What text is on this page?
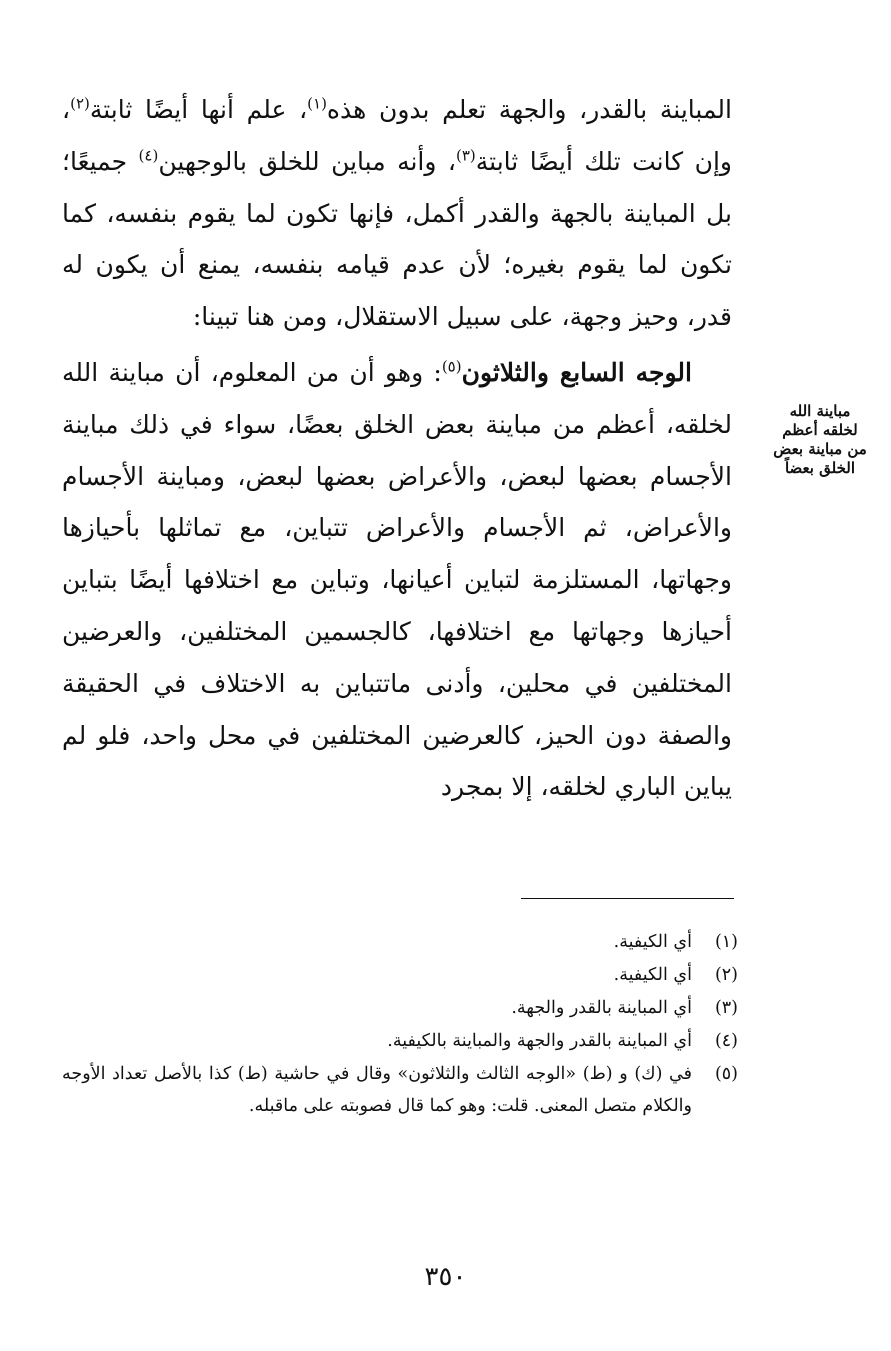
المباينة بالقدر، والجهة تعلم بدون هذه$^{(١)}$، علم أنها أيضًا ثابتة$^{(٢)}$، وإن كانت تلك أيضًا ثابتة$^{(٣)}$، وأنه مباين للخلق بالوجهين$^{(٤)}$ جميعًا؛ بل المباينة بالجهة والقدر أكمل، فإنها تكون لما يقوم بنفسه، كما تكون لما يقوم بغيره؛ لأن عدم قيامه بنفسه، يمنع أن يكون له قدر، وحيز وجهة، على سبيل الاستقلال، ومن هنا تبينا:

الوجه السابع والثلاثون$^{(٥)}$: وهو أن من المعلوم، أن مباينة الله لخلقه، أعظم من مباينة بعض الخلق بعضًا، سواء في ذلك مباينة الأجسام بعضها لبعض، والأعراض بعضها لبعض، ومباينة الأجسام والأعراض، ثم الأجسام والأعراض تتباين، مع تماثلها بأحيازها وجهاتها، المستلزمة لتباين أعيانها، وتباين مع اختلافها أيضًا بتباين أحيازها وجهاتها مع اختلافها، كالجسمين المختلفين، والعرضين المختلفين في محلين، وأدنى ماتتباين به الاختلاف في الحقيقة والصفة دون الحيز، كالعرضين المختلفين في محل واحد، فلو لم يباين الباري لخلقه، إلا بمجرد

مباينة الله لخلقه أعظم من مباينة بعض الخلق بعضاً
(١)
أي الكيفية.
(٢)
أي الكيفية.
(٣)
أي المباينة بالقدر والجهة.
(٤)
أي المباينة بالقدر والجهة والمباينة بالكيفية.
(٥)
في (ك) و (ط) «الوجه الثالث والثلاثون» وقال في حاشية (ط) كذا بالأصل تعداد الأوجه والكلام متصل المعنى. قلت: وهو كما قال فصوبته على ماقبله.
٣٥٠
